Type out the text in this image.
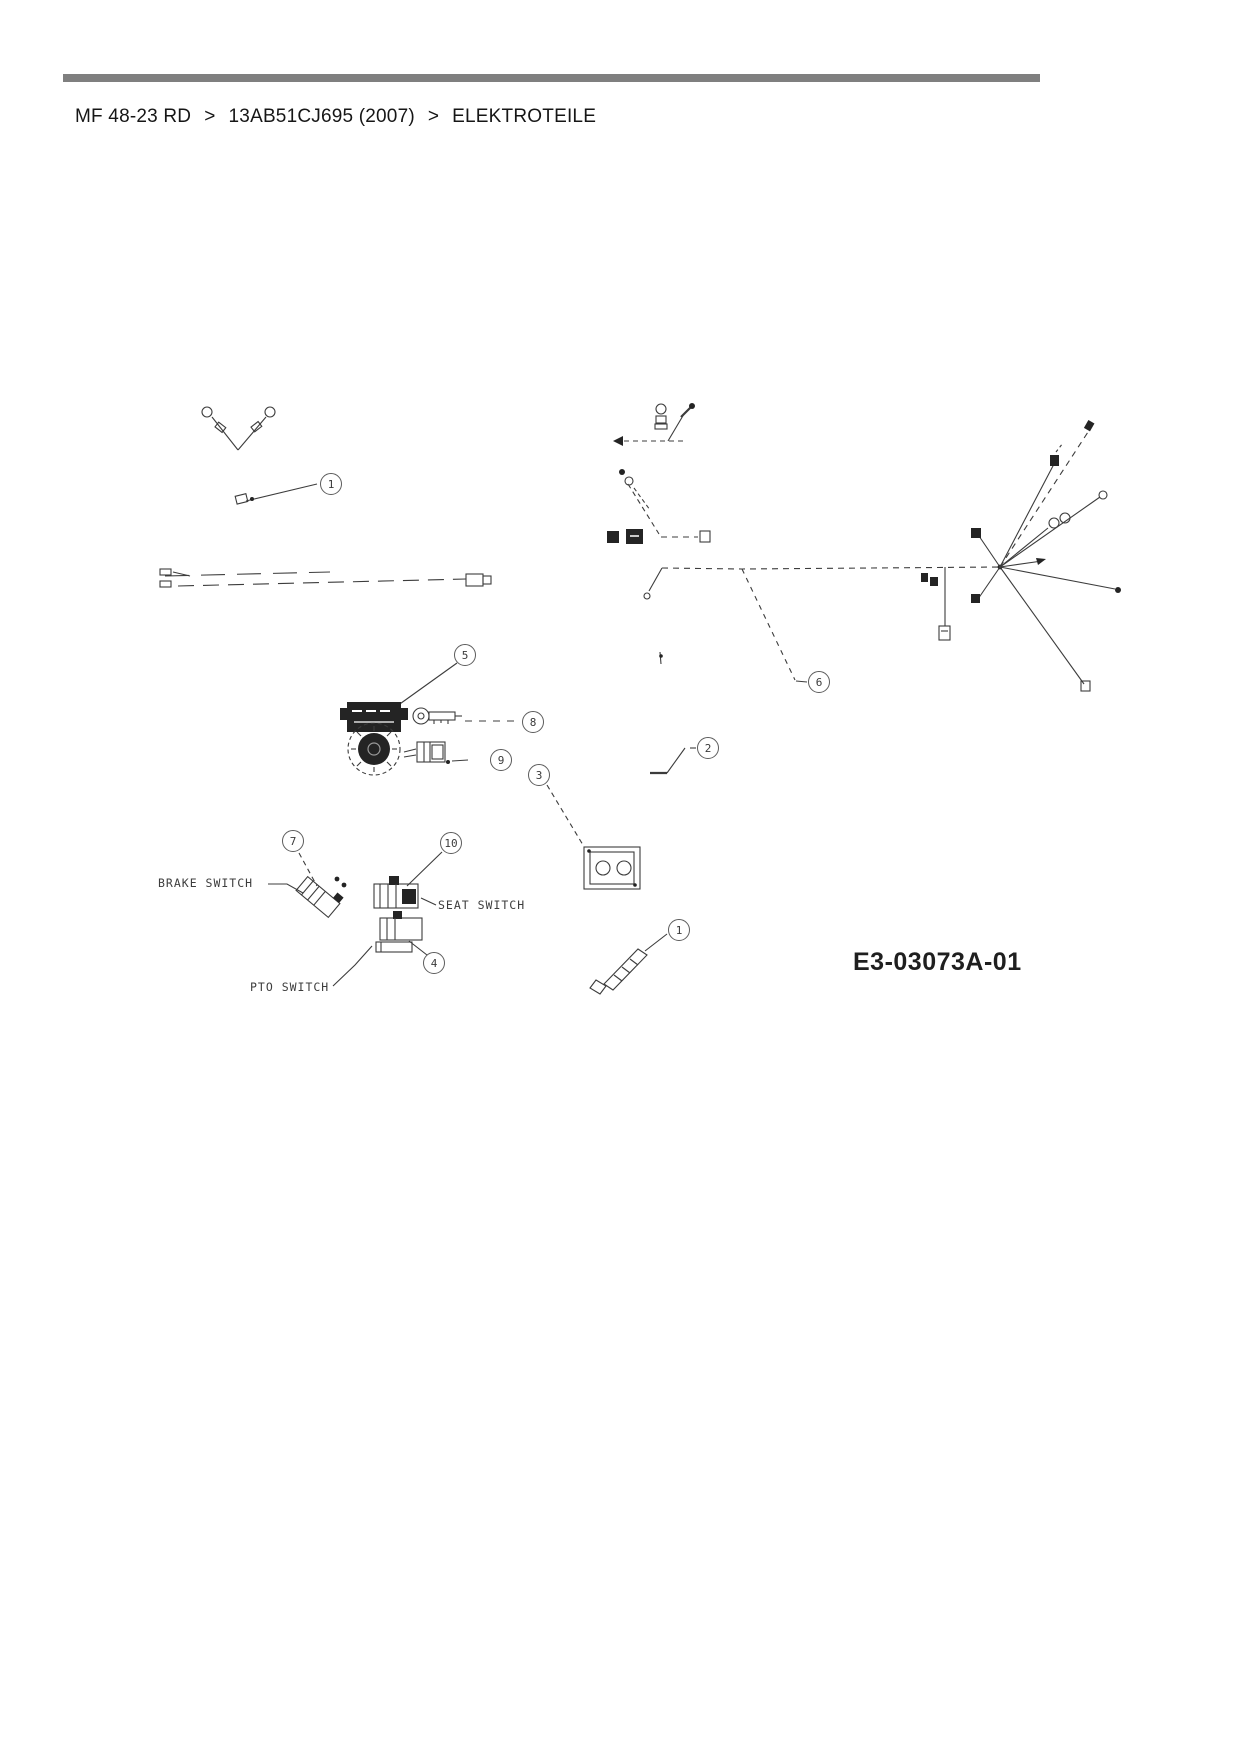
MF 48-23 RD > 13AB51CJ695 (2007) > ELEKTROTEILE
1
2
3
4
5
6
7
8
9
10
1
BRAKE SWITCH
SEAT SWITCH
PTO SWITCH
E3-03073A-01
